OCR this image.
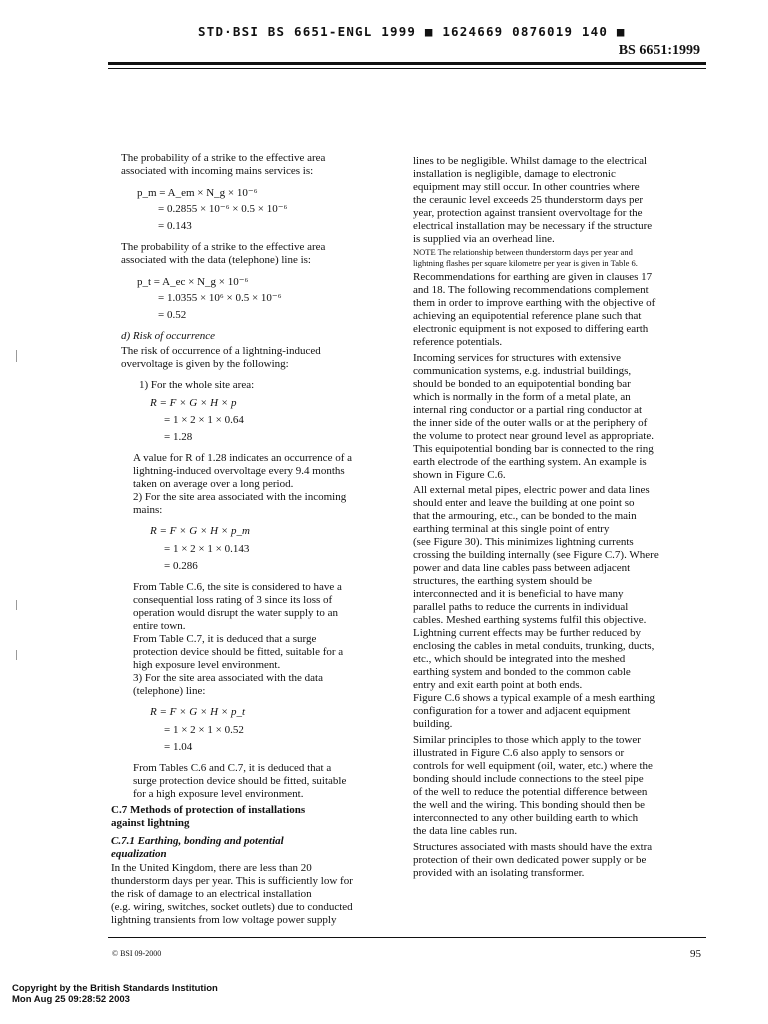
STD·BSI BS 6651-ENGL 1999 ■ 1624669 0876019 140 ■
BS 6651:1999
The probability of a strike to the effective area
associated with incoming mains services is:
p_m = A_em × N_g × 10⁻⁶
= 0.2855 × 10⁻⁶ × 0.5 × 10⁻⁶
= 0.143
The probability of a strike to the effective area
associated with the data (telephone) line is:
p_t = A_ec × N_g × 10⁻⁶
= 1.0355 × 10⁶ × 0.5 × 10⁻⁶
= 0.52
d) Risk of occurrence
The risk of occurrence of a lightning-induced
overvoltage is given by the following:
1) For the whole site area:
R = F × G × H × p
= 1 × 2 × 1 × 0.64
= 1.28
A value for R of 1.28 indicates an occurrence of a
lightning-induced overvoltage every 9.4 months
taken on average over a long period.
2) For the site area associated with the incoming
mains:
R = F × G × H × p_m
= 1 × 2 × 1 × 0.143
= 0.286
From Table C.6, the site is considered to have a
consequential loss rating of 3 since its loss of
operation would disrupt the water supply to an
entire town.
From Table C.7, it is deduced that a surge
protection device should be fitted, suitable for a
high exposure level environment.
3) For the site area associated with the data
(telephone) line:
R = F × G × H × p_t
= 1 × 2 × 1 × 0.52
= 1.04
From Tables C.6 and C.7, it is deduced that a
surge protection device should be fitted, suitable
for a high exposure level environment.
C.7 Methods of protection of installations
against lightning
C.7.1 Earthing, bonding and potential
equalization
In the United Kingdom, there are less than 20
thunderstorm days per year. This is sufficiently low for
the risk of damage to an electrical installation
(e.g. wiring, switches, socket outlets) due to conducted
lightning transients from low voltage power supply
lines to be negligible. Whilst damage to the electrical
installation is negligible, damage to electronic
equipment may still occur. In other countries where
the ceraunic level exceeds 25 thunderstorm days per
year, protection against transient overvoltage for the
electrical installation may be necessary if the structure
is supplied via an overhead line.
NOTE The relationship between thunderstorm days per year and
lightning flashes per square kilometre per year is given in Table 6.
Recommendations for earthing are given in clauses 17
and 18. The following recommendations complement
them in order to improve earthing with the objective of
achieving an equipotential reference plane such that
electronic equipment is not exposed to differing earth
reference potentials.
Incoming services for structures with extensive
communication systems, e.g. industrial buildings,
should be bonded to an equipotential bonding bar
which is normally in the form of a metal plate, an
internal ring conductor or a partial ring conductor at
the inner side of the outer walls or at the periphery of
the volume to protect near ground level as appropriate.
This equipotential bonding bar is connected to the ring
earth electrode of the earthing system. An example is
shown in Figure C.6.
All external metal pipes, electric power and data lines
should enter and leave the building at one point so
that the armouring, etc., can be bonded to the main
earthing terminal at this single point of entry
(see Figure 30). This minimizes lightning currents
crossing the building internally (see Figure C.7). Where
power and data line cables pass between adjacent
structures, the earthing system should be
interconnected and it is beneficial to have many
parallel paths to reduce the currents in individual
cables. Meshed earthing systems fulfil this objective.
Lightning current effects may be further reduced by
enclosing the cables in metal conduits, trunking, ducts,
etc., which should be integrated into the meshed
earthing system and bonded to the common cable
entry and exit earth point at both ends.
Figure C.6 shows a typical example of a mesh earthing
configuration for a tower and adjacent equipment
building.
Similar principles to those which apply to the tower
illustrated in Figure C.6 also apply to sensors or
controls for well equipment (oil, water, etc.) where the
bonding should include connections to the steel pipe
of the well to reduce the potential difference between
the well and the wiring. This bonding should then be
interconnected to any other building earth to which
the data line cables run.
Structures associated with masts should have the extra
protection of their own dedicated power supply or be
provided with an isolating transformer.
© BSI 09-2000	95
Copyright by the British Standards Institution
Mon Aug 25 09:28:52 2003
